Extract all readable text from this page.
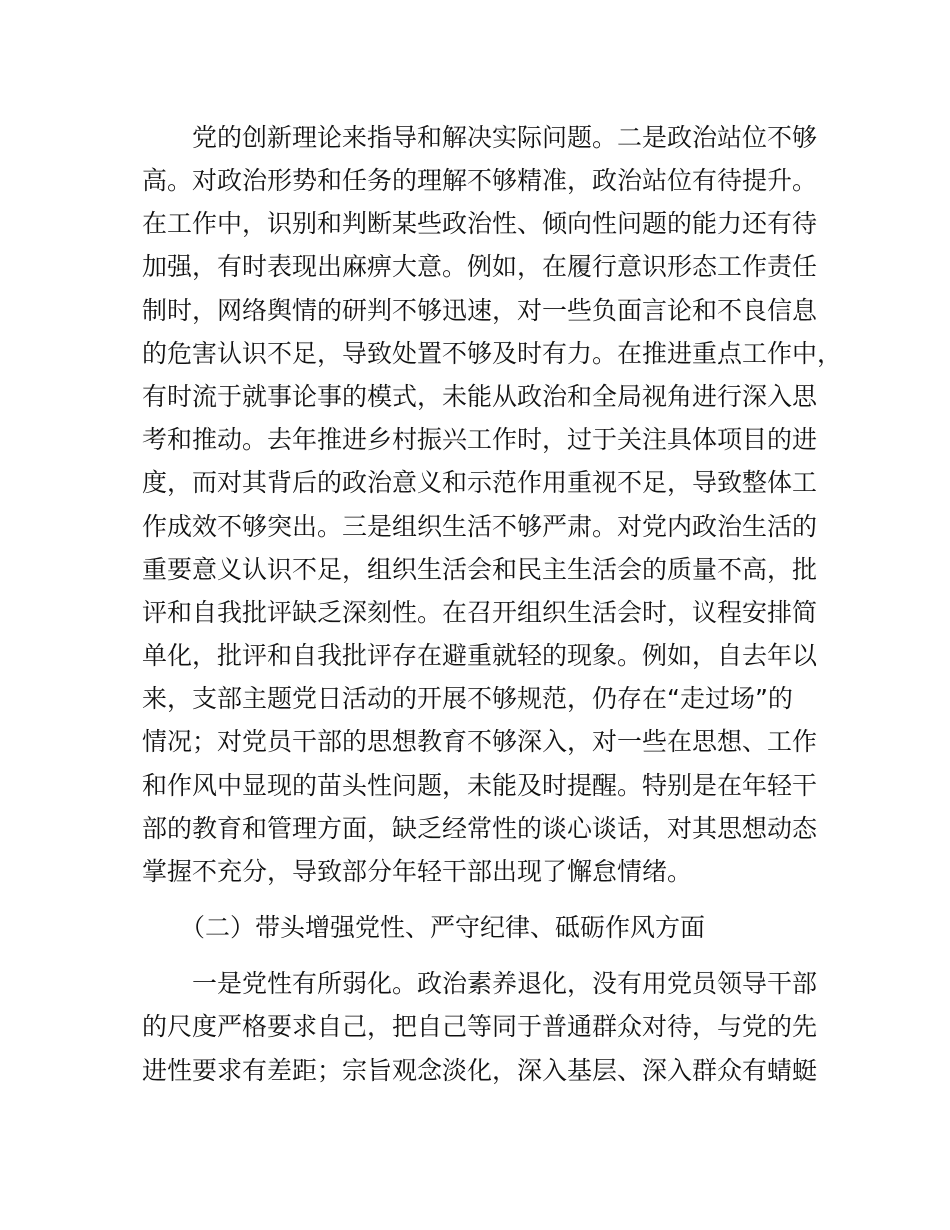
党的创新理论来指导和解决实际问题。二是政治站位不够
高。对政治形势和任务的理解不够精准，政治站位有待提升。
在工作中，识别和判断某些政治性、倾向性问题的能力还有待
加强，有时表现出麻痹大意。例如，在履行意识形态工作责任
制时，网络舆情的研判不够迅速，对一些负面言论和不良信息
的危害认识不足，导致处置不够及时有力。在推进重点工作中，
有时流于就事论事的模式，未能从政治和全局视角进行深入思
考和推动。去年推进乡村振兴工作时，过于关注具体项目的进
度，而对其背后的政治意义和示范作用重视不足，导致整体工
作成效不够突出。三是组织生活不够严肃。对党内政治生活的
重要意义认识不足，组织生活会和民主生活会的质量不高，批
评和自我批评缺乏深刻性。在召开组织生活会时，议程安排简
单化，批评和自我批评存在避重就轻的现象。例如，自去年以
来，支部主题党日活动的开展不够规范，仍存在“走过场”的
情况；对党员干部的思想教育不够深入，对一些在思想、工作
和作风中显现的苗头性问题，未能及时提醒。特别是在年轻干
部的教育和管理方面，缺乏经常性的谈心谈话，对其思想动态
掌握不充分，导致部分年轻干部出现了懈怠情绪。
（二）带头增强党性、严守纪律、砥砺作风方面
一是党性有所弱化。政治素养退化，没有用党员领导干部
的尺度严格要求自己，把自己等同于普通群众对待，与党的先
进性要求有差距；宗旨观念淡化，深入基层、深入群众有蜻蜓
